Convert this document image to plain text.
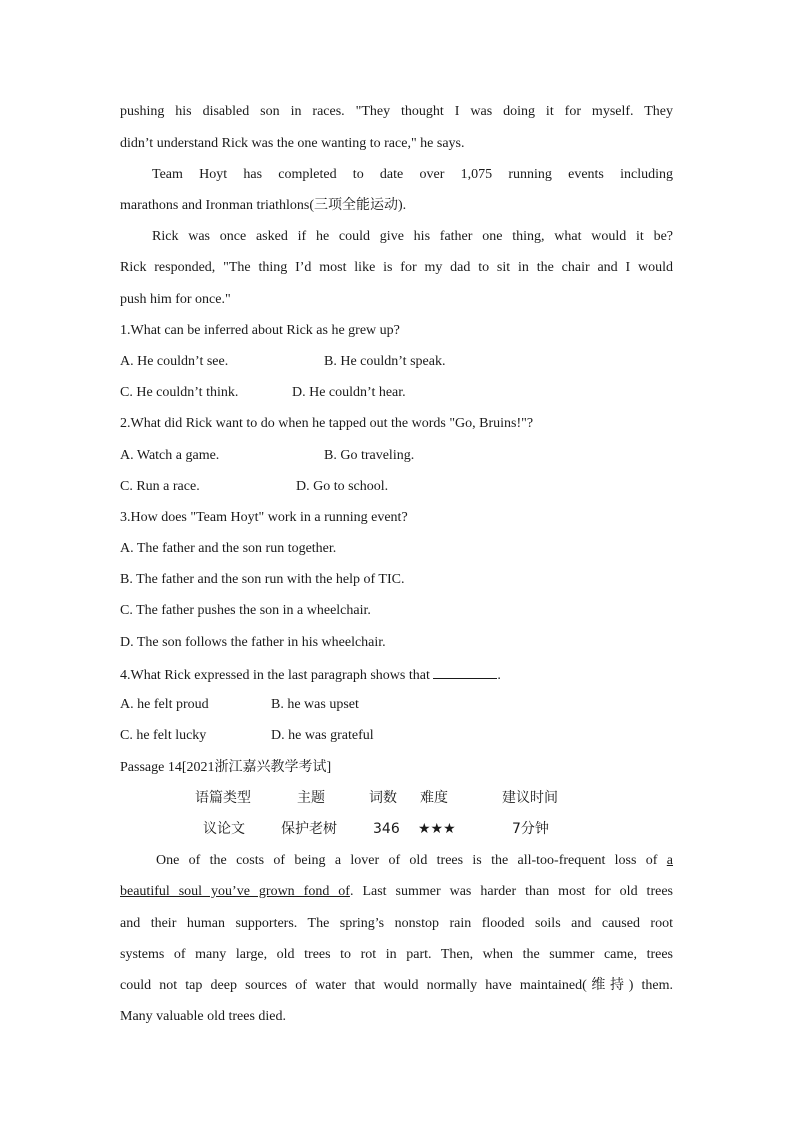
pushing his disabled son in races. "They thought I was doing it for myself. They
didn’t understand Rick was the one wanting to race," he says.
Team Hoyt has completed to date over 1,075 running events including
marathons and Ironman triathlons(三项全能运动).
Rick was once asked if he could give his father one thing, what would it be?
Rick responded, "The thing I’d most like is for my dad to sit in the chair and I would
push him for once."
1.What can be inferred about Rick as he grew up?
A. He couldn’t see.	B. He couldn’t speak.
C. He couldn’t think.	D. He couldn’t hear.
2.What did Rick want to do when he tapped out the words "Go, Bruins!"?
A. Watch a game.	B. Go traveling.
C. Run a race.	D. Go to school.
3.How does "Team Hoyt" work in a running event?
A. The father and the son run together.
B. The father and the son run with the help of TIC.
C. The father pushes the son in a wheelchair.
D. The son follows the father in his wheelchair.
4.What Rick expressed in the last paragraph shows that	.
A. he felt proud	B. he was upset
C. he felt lucky	D. he was grateful
Passage 14[2021浙江嘉兴教学考试]
语篇类型	主题	词数 难度	建议时间
议论文	保护老树	346 ★★★	7分钟
One of the costs of being a lover of old trees is the all-too-frequent loss of a
beautiful soul you’ve grown fond of. Last summer was harder than most for old trees
and their human supporters. The spring’s nonstop rain flooded soils and caused root
systems of many large, old trees to rot in part. Then, when the summer came, trees
could not tap deep sources of water that would normally have maintained(维持) them.
Many valuable old trees died.
